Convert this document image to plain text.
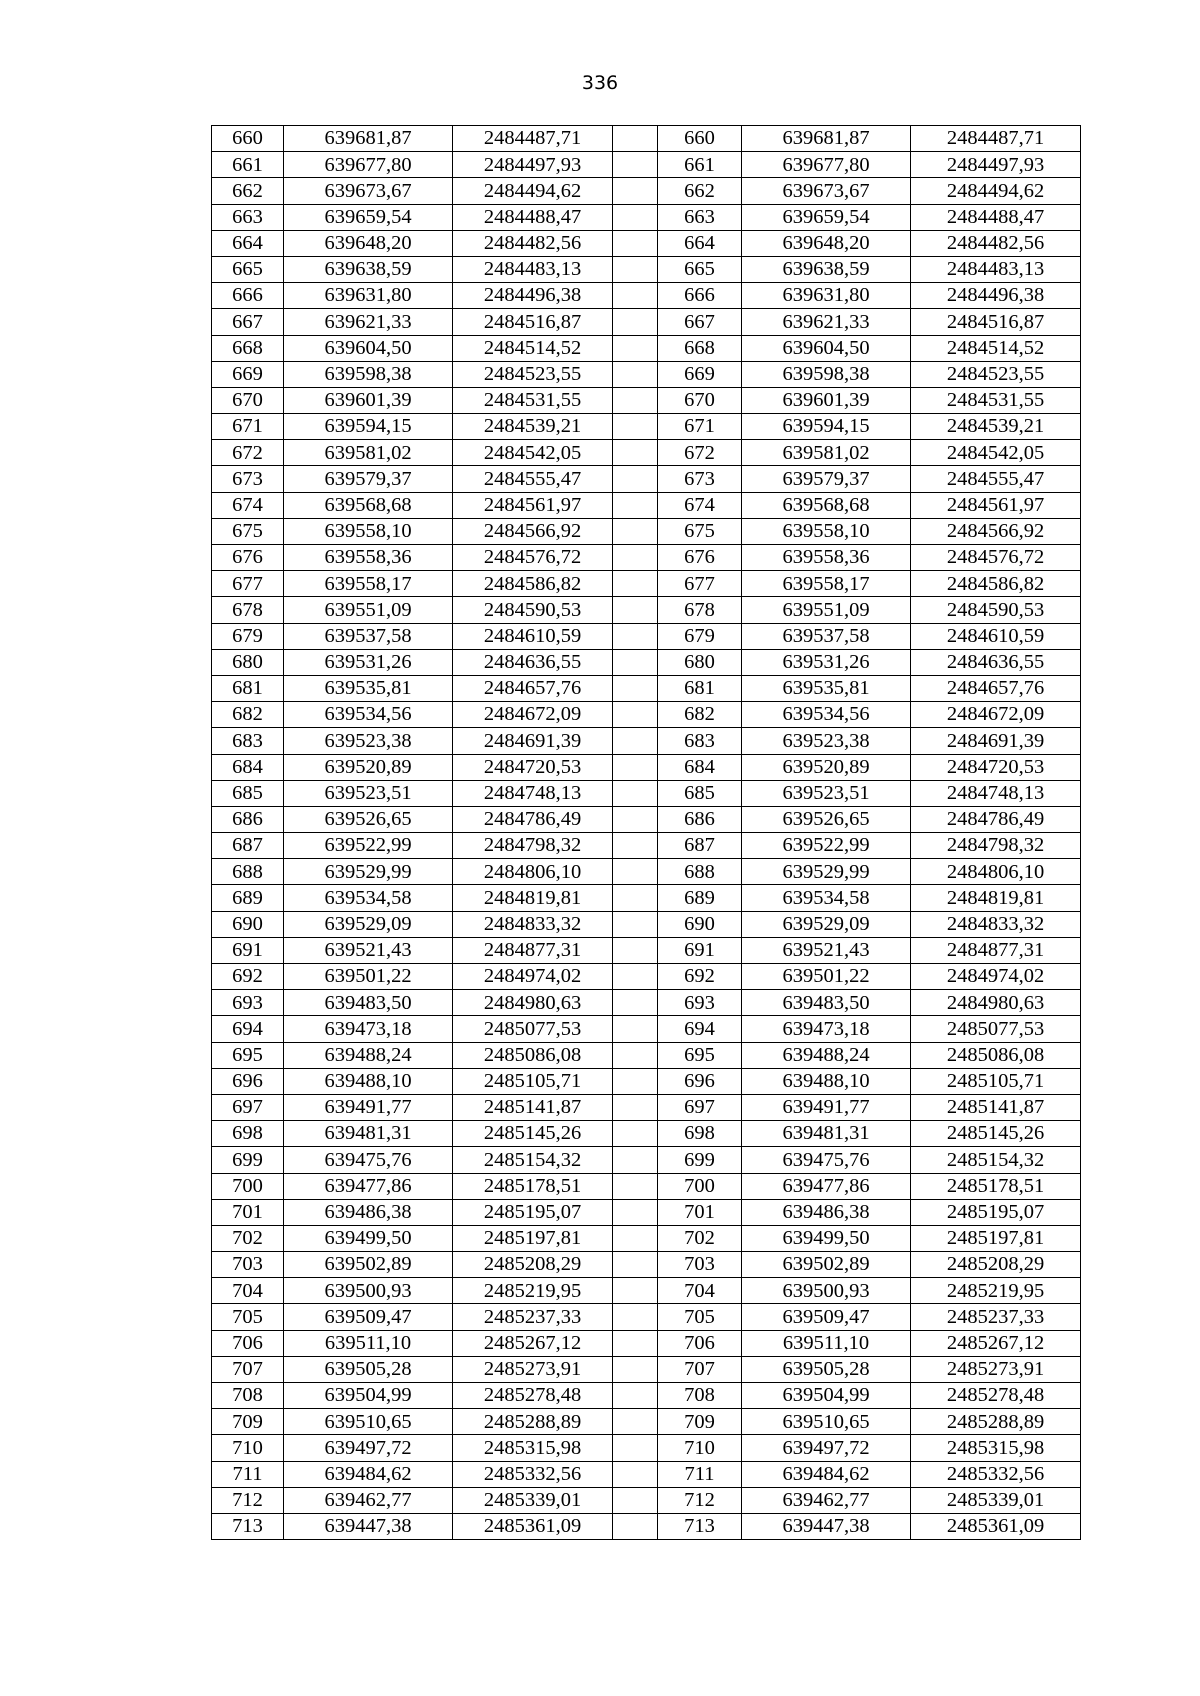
336
660	639681,87	2484487,71		660	639681,87	2484487,71
661	639677,80	2484497,93		661	639677,80	2484497,93
662	639673,67	2484494,62		662	639673,67	2484494,62
663	639659,54	2484488,47		663	639659,54	2484488,47
664	639648,20	2484482,56		664	639648,20	2484482,56
665	639638,59	2484483,13		665	639638,59	2484483,13
666	639631,80	2484496,38		666	639631,80	2484496,38
667	639621,33	2484516,87		667	639621,33	2484516,87
668	639604,50	2484514,52		668	639604,50	2484514,52
669	639598,38	2484523,55		669	639598,38	2484523,55
670	639601,39	2484531,55		670	639601,39	2484531,55
671	639594,15	2484539,21		671	639594,15	2484539,21
672	639581,02	2484542,05		672	639581,02	2484542,05
673	639579,37	2484555,47		673	639579,37	2484555,47
674	639568,68	2484561,97		674	639568,68	2484561,97
675	639558,10	2484566,92		675	639558,10	2484566,92
676	639558,36	2484576,72		676	639558,36	2484576,72
677	639558,17	2484586,82		677	639558,17	2484586,82
678	639551,09	2484590,53		678	639551,09	2484590,53
679	639537,58	2484610,59		679	639537,58	2484610,59
680	639531,26	2484636,55		680	639531,26	2484636,55
681	639535,81	2484657,76		681	639535,81	2484657,76
682	639534,56	2484672,09		682	639534,56	2484672,09
683	639523,38	2484691,39		683	639523,38	2484691,39
684	639520,89	2484720,53		684	639520,89	2484720,53
685	639523,51	2484748,13		685	639523,51	2484748,13
686	639526,65	2484786,49		686	639526,65	2484786,49
687	639522,99	2484798,32		687	639522,99	2484798,32
688	639529,99	2484806,10		688	639529,99	2484806,10
689	639534,58	2484819,81		689	639534,58	2484819,81
690	639529,09	2484833,32		690	639529,09	2484833,32
691	639521,43	2484877,31		691	639521,43	2484877,31
692	639501,22	2484974,02		692	639501,22	2484974,02
693	639483,50	2484980,63		693	639483,50	2484980,63
694	639473,18	2485077,53		694	639473,18	2485077,53
695	639488,24	2485086,08		695	639488,24	2485086,08
696	639488,10	2485105,71		696	639488,10	2485105,71
697	639491,77	2485141,87		697	639491,77	2485141,87
698	639481,31	2485145,26		698	639481,31	2485145,26
699	639475,76	2485154,32		699	639475,76	2485154,32
700	639477,86	2485178,51		700	639477,86	2485178,51
701	639486,38	2485195,07		701	639486,38	2485195,07
702	639499,50	2485197,81		702	639499,50	2485197,81
703	639502,89	2485208,29		703	639502,89	2485208,29
704	639500,93	2485219,95		704	639500,93	2485219,95
705	639509,47	2485237,33		705	639509,47	2485237,33
706	639511,10	2485267,12		706	639511,10	2485267,12
707	639505,28	2485273,91		707	639505,28	2485273,91
708	639504,99	2485278,48		708	639504,99	2485278,48
709	639510,65	2485288,89		709	639510,65	2485288,89
710	639497,72	2485315,98		710	639497,72	2485315,98
711	639484,62	2485332,56		711	639484,62	2485332,56
712	639462,77	2485339,01		712	639462,77	2485339,01
713	639447,38	2485361,09		713	639447,38	2485361,09
